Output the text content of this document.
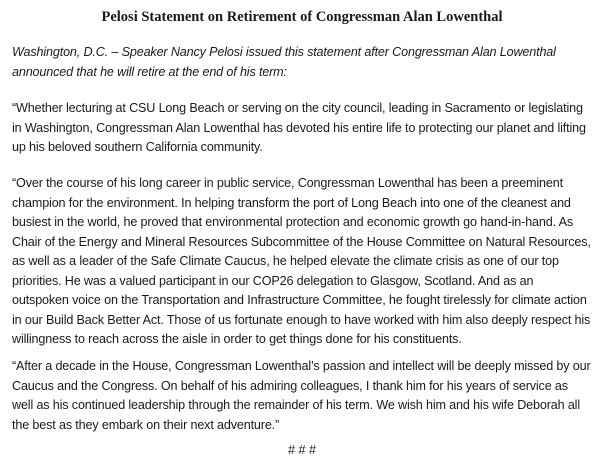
Pelosi Statement on Retirement of Congressman Alan Lowenthal

Washington, D.C. – Speaker Nancy Pelosi issued this statement after Congressman Alan Lowenthal announced that he will retire at the end of his term:

“Whether lecturing at CSU Long Beach or serving on the city council, leading in Sacramento or legislating in Washington, Congressman Alan Lowenthal has devoted his entire life to protecting our planet and lifting up his beloved southern California community.

“Over the course of his long career in public service, Congressman Lowenthal has been a preeminent champion for the environment. In helping transform the port of Long Beach into one of the cleanest and busiest in the world, he proved that environmental protection and economic growth go hand-in-hand. As Chair of the Energy and Mineral Resources Subcommittee of the House Committee on Natural Resources, as well as a leader of the Safe Climate Caucus, he helped elevate the climate crisis as one of our top priorities. He was a valued participant in our COP26 delegation to Glasgow, Scotland. And as an outspoken voice on the Transportation and Infrastructure Committee, he fought tirelessly for climate action in our Build Back Better Act. Those of us fortunate enough to have worked with him also deeply respect his willingness to reach across the aisle in order to get things done for his constituents.

“After a decade in the House, Congressman Lowenthal’s passion and intellect will be deeply missed by our Caucus and the Congress. On behalf of his admiring colleagues, I thank him for his years of service as well as his continued leadership through the remainder of his term. We wish him and his wife Deborah all the best as they embark on their next adventure.”

# # #
